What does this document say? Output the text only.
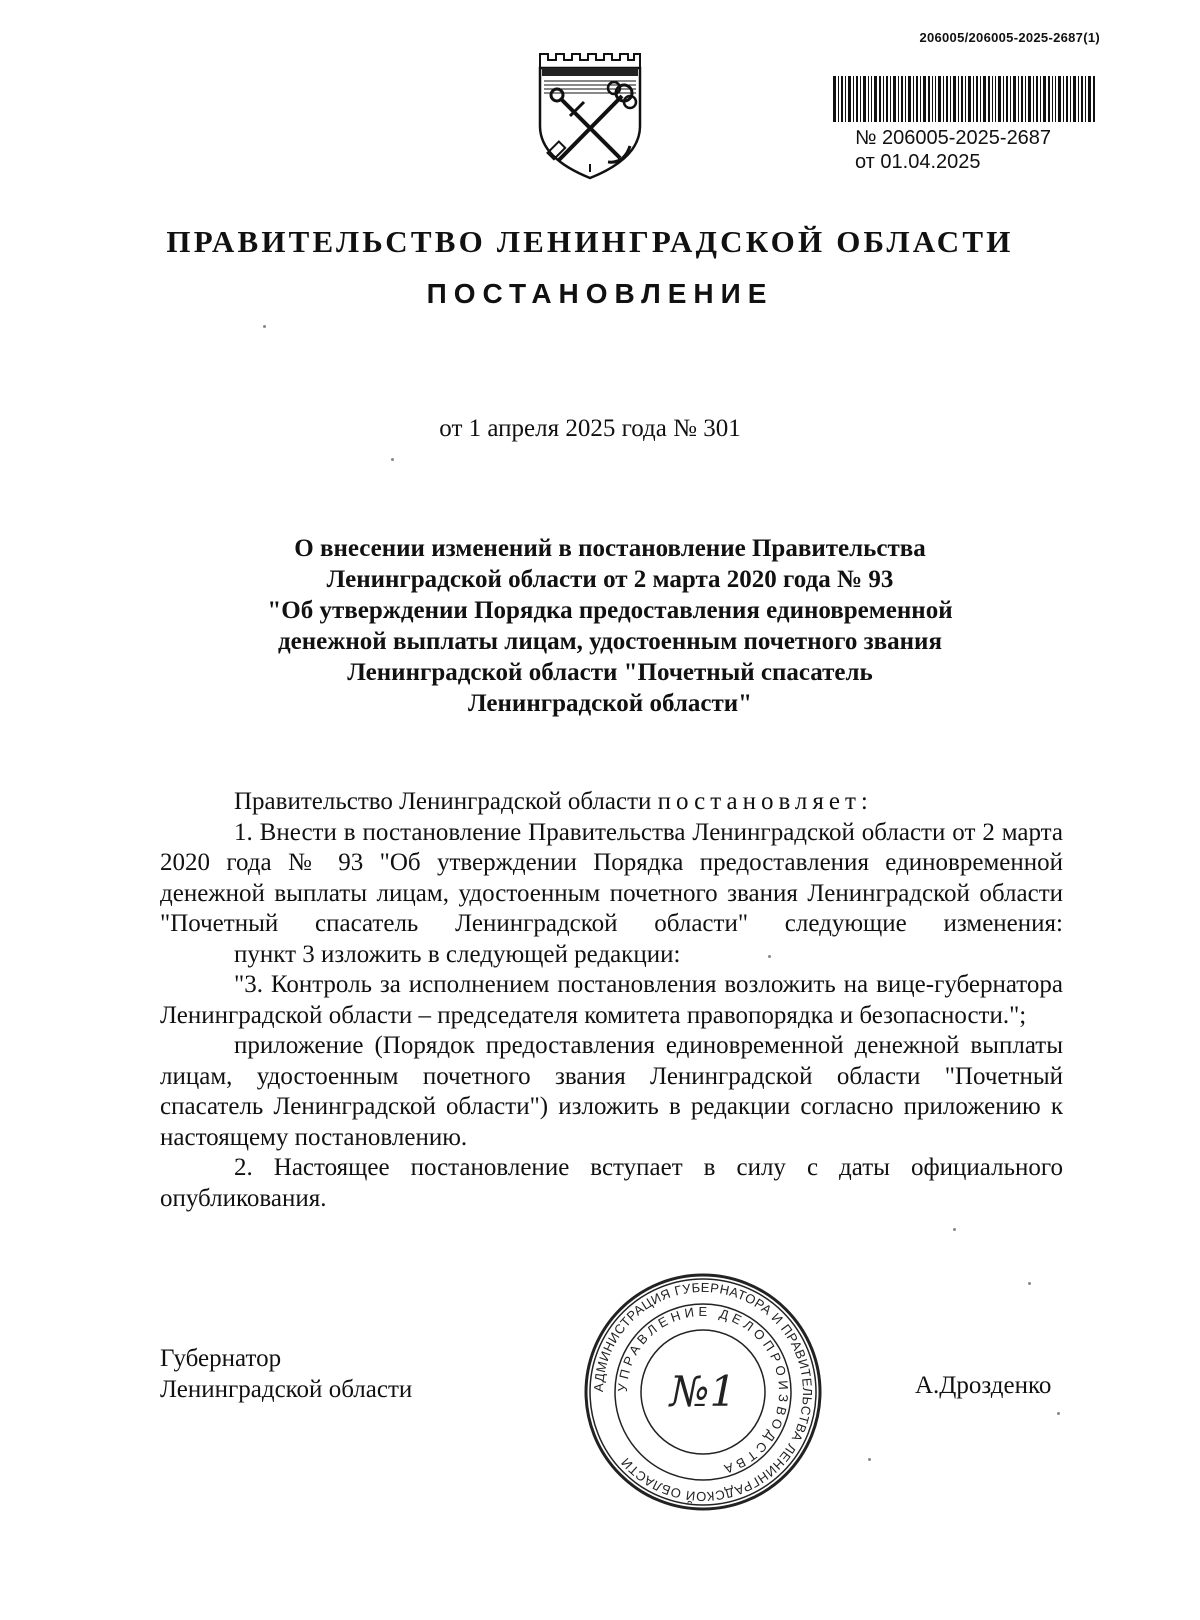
206005/206005-2025-2687(1)
№ 206005-2025-2687
от 01.04.2025
ПРАВИТЕЛЬСТВО ЛЕНИНГРАДСКОЙ ОБЛАСТИ
ПОСТАНОВЛЕНИЕ
от 1 апреля 2025 года № 301
О внесении изменений в постановление Правительства
Ленинградской области от 2 марта 2020 года № 93
"Об утверждении Порядка предоставления единовременной
денежной выплаты лицам, удостоенным почетного звания
Ленинградской области "Почетный спасатель
Ленинградской области"

Правительство Ленинградской области постановляет:

1. Внести в постановление Правительства Ленинградской области от 2 марта 2020 года № 93 "Об утверждении Порядка предоставления единовременной денежной выплаты лицам, удостоенным почетного звания Ленинградской области "Почетный спасатель Ленинградской области" следующие изменения:

пункт 3 изложить в следующей редакции:

"3. Контроль за исполнением постановления возложить на вице-губернатора Ленинградской области – председателя комитета правопорядка и безопасности.";

приложение (Порядок предоставления единовременной денежной выплаты лицам, удостоенным почетного звания Ленинградской области "Почетный спасатель Ленинградской области") изложить в редакции согласно приложению к настоящему постановлению.

2. Настоящее постановление вступает в силу с даты официального опубликования.

Губернатор
Ленинградской области	А.Дрозденко
АДМИНИСТРАЦИЯ ГУБЕРНАТОРА И ПРАВИТЕЛЬСТВА ЛЕНИНГРАДСКОЙ ОБЛАСТИ
УПРАВЛЕНИЕ ДЕЛОПРОИЗВОДСТВА
№1
